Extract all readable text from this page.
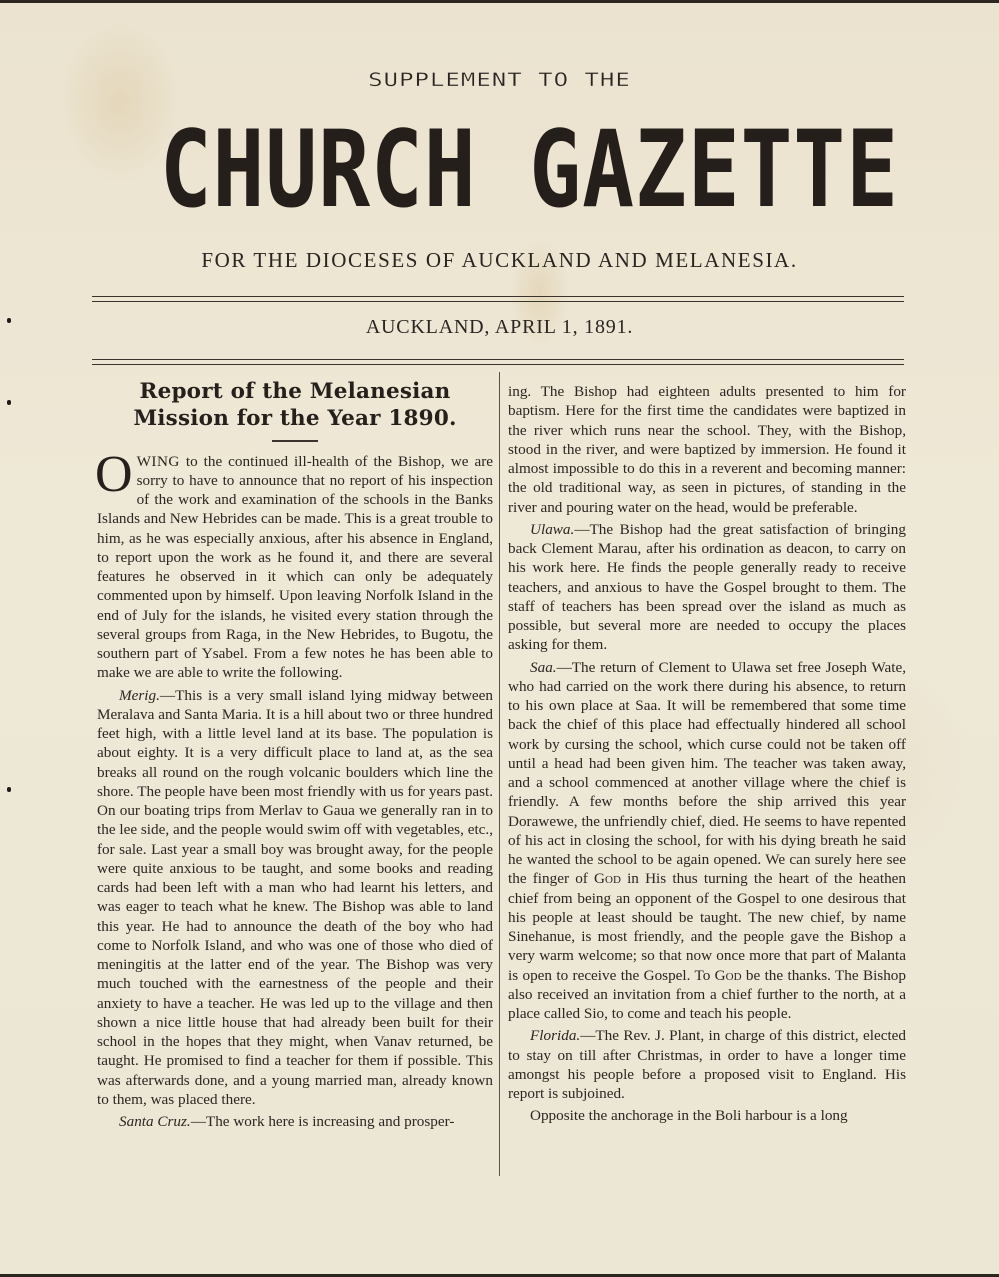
SUPPLEMENT TO THE
CHURCH GAZETTE
FOR THE DIOCESES OF AUCKLAND AND MELANESIA.
AUCKLAND, APRIL 1, 1891.
Report of the Melanesian Mission for the Year 1890.

OWING to the continued ill-health of the Bishop, we are sorry to have to announce that no report of his inspection of the work and examination of the schools in the Banks Islands and New Hebrides can be made. This is a great trouble to him, as he was especially anxious, after his absence in England, to report upon the work as he found it, and there are several features he observed in it which can only be adequately commented upon by himself. Upon leaving Norfolk Island in the end of July for the islands, he visited every station through the several groups from Raga, in the New Hebrides, to Bugotu, the southern part of Ysabel. From a few notes he has been able to make we are able to write the following.

Merig.—This is a very small island lying midway between Meralava and Santa Maria. It is a hill about two or three hundred feet high, with a little level land at its base. The population is about eighty. It is a very difficult place to land at, as the sea breaks all round on the rough volcanic boulders which line the shore. The people have been most friendly with us for years past. On our boating trips from Merlav to Gaua we generally ran in to the lee side, and the people would swim off with vegetables, etc., for sale. Last year a small boy was brought away, for the people were quite anxious to be taught, and some books and reading cards had been left with a man who had learnt his letters, and was eager to teach what he knew. The Bishop was able to land this year. He had to announce the death of the boy who had come to Norfolk Island, and who was one of those who died of meningitis at the latter end of the year. The Bishop was very much touched with the earnestness of the people and their anxiety to have a teacher. He was led up to the village and then shown a nice little house that had already been built for their school in the hopes that they might, when Vanav returned, be taught. He promised to find a teacher for them if possible. This was afterwards done, and a young married man, already known to them, was placed there.

Santa Cruz.—The work here is increasing and prosper-

ing. The Bishop had eighteen adults presented to him for baptism. Here for the first time the candidates were baptized in the river which runs near the school. They, with the Bishop, stood in the river, and were baptized by immersion. He found it almost impossible to do this in a reverent and becoming manner: the old traditional way, as seen in pictures, of standing in the river and pouring water on the head, would be preferable.

Ulawa.—The Bishop had the great satisfaction of bringing back Clement Marau, after his ordination as deacon, to carry on his work here. He finds the people generally ready to receive teachers, and anxious to have the Gospel brought to them. The staff of teachers has been spread over the island as much as possible, but several more are needed to occupy the places asking for them.

Saa.—The return of Clement to Ulawa set free Joseph Wate, who had carried on the work there during his absence, to return to his own place at Saa. It will be remembered that some time back the chief of this place had effectually hindered all school work by cursing the school, which curse could not be taken off until a head had been given him. The teacher was taken away, and a school commenced at another village where the chief is friendly. A few months before the ship arrived this year Dorawewe, the unfriendly chief, died. He seems to have repented of his act in closing the school, for with his dying breath he said he wanted the school to be again opened. We can surely here see the finger of God in His thus turning the heart of the heathen chief from being an opponent of the Gospel to one desirous that his people at least should be taught. The new chief, by name Sinehanue, is most friendly, and the people gave the Bishop a very warm welcome; so that now once more that part of Malanta is open to receive the Gospel. To God be the thanks. The Bishop also received an invitation from a chief further to the north, at a place called Sio, to come and teach his people.

Florida.—The Rev. J. Plant, in charge of this district, elected to stay on till after Christmas, in order to have a longer time amongst his people before a proposed visit to England. His report is subjoined.

Opposite the anchorage in the Boli harbour is a long
